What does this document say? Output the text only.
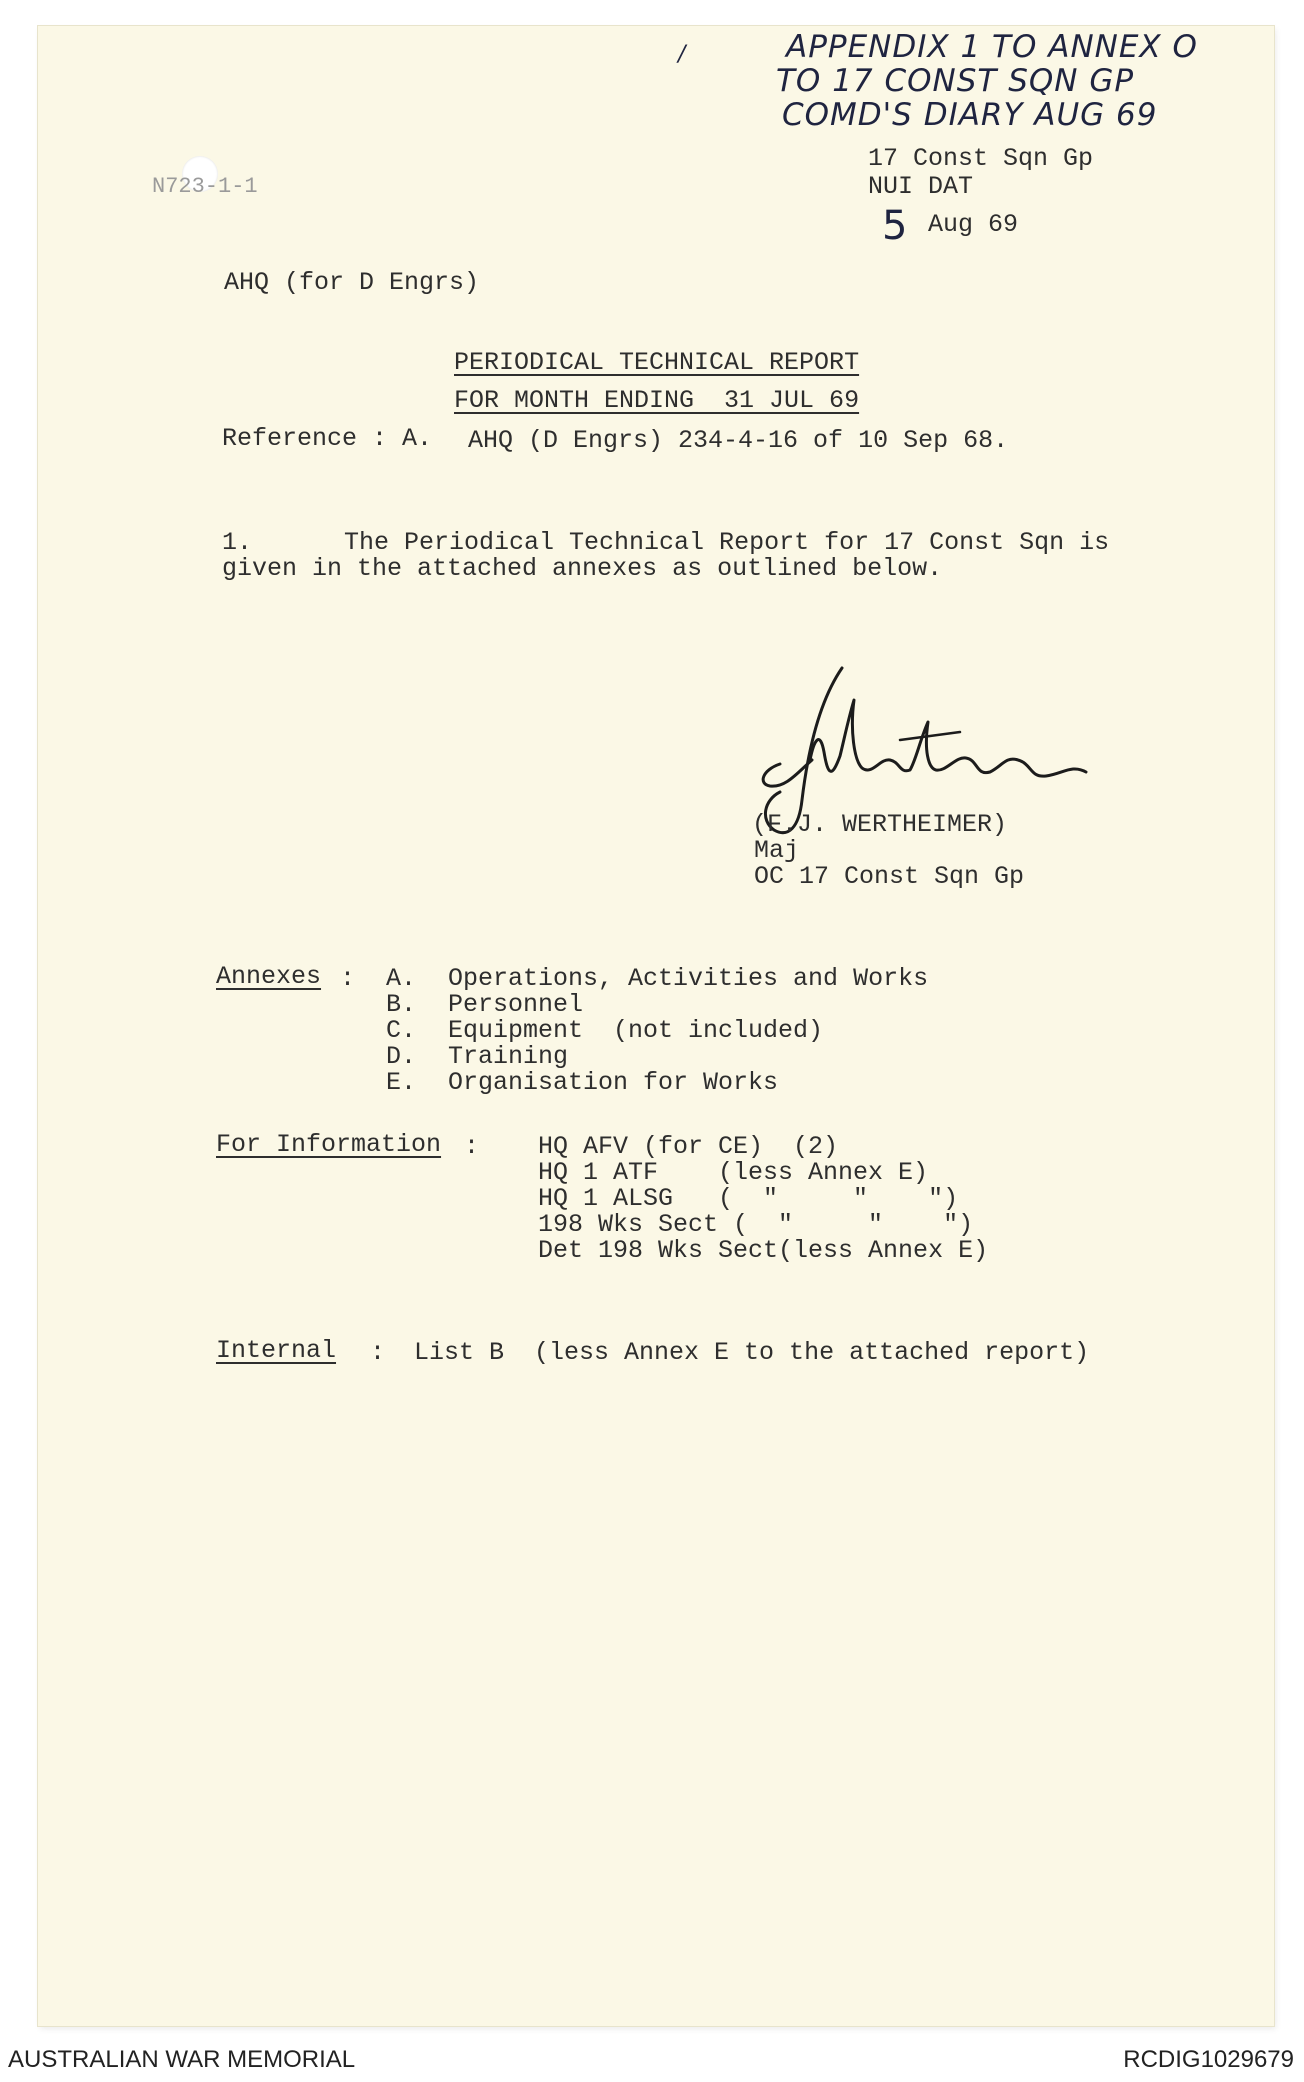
/	APPENDIX 1 TO ANNEX O
TO 17 CONST SQN GP
COMD'S DIARY AUG 69
N723-1-1
17 Const Sqn Gp
NUI DAT
5 Aug 69
AHQ (for D Engrs)
PERIODICAL TECHNICAL REPORT
FOR MONTH ENDING  31 JUL 69
Reference : A. AHQ (D Engrs) 234-4-16 of 10 Sep 68.
1.	The Periodical Technical Report for 17 Const Sqn is
given in the attached annexes as outlined below.
(F.J. WERTHEIMER)
Maj
OC 17 Const Sqn Gp
Annexes : A. Operations, Activities and Works
B. Personnel
C. Equipment  (not included)
D. Training
E. Organisation for Works
For Information : HQ AFV (for CE)  (2)
HQ 1 ATF    (less Annex E)
HQ 1 ALSG   (  "     "    ")
198 Wks Sect (  "     "    ")
Det 198 Wks Sect(less Annex E)
Internal : List B  (less Annex E to the attached report)
AUSTRALIAN WAR MEMORIAL	RCDIG1029679
